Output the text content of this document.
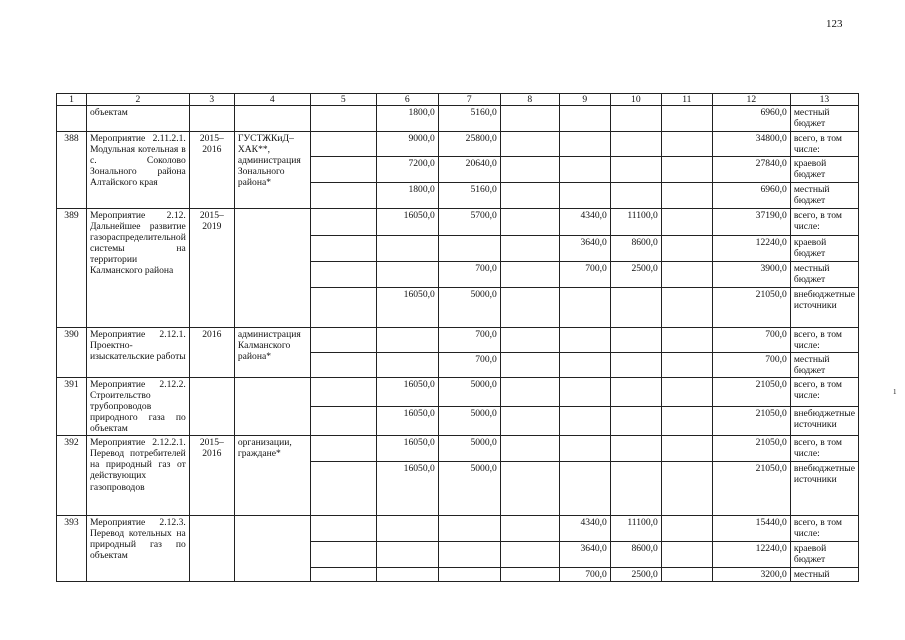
123
1
1	2	3	4	5	6	7	8	9	10	11	12	13
	объектам				1800,0	5160,0					6960,0	местный бюджет
388	Мероприятие 2.11.2.1. Модульная котельная в с. Соколово Зонального района Алтайского края	2015–2016	ГУСТЖКиД–ХАК**, администрация Зонального района*		9000,0	25800,0					34800,0	всего, в том числе:
					7200,0	20640,0					27840,0	краевой бюджет
					1800,0	5160,0					6960,0	местный бюджет
389	Мероприятие 2.12. Дальнейшее развитие газораспределительной системы на территории Калманского района	2015–2019			16050,0	5700,0		4340,0	11100,0		37190,0	всего, в том числе:
								3640,0	8600,0		12240,0	краевой бюджет
						700,0		700,0	2500,0		3900,0	местный бюджет
					16050,0	5000,0					21050,0	внебюджетные источники
390	Мероприятие 2.12.1. Проектно-изыскательские работы	2016	администрация Калманского района*			700,0					700,0	всего, в том числе:
						700,0					700,0	местный бюджет
391	Мероприятие 2.12.2. Строительство трубопроводов природного газа по объектам				16050,0	5000,0					21050,0	всего, в том числе:
					16050,0	5000,0					21050,0	внебюджетные источники
392	Мероприятие 2.12.2.1. Перевод потребителей на природный газ от действующих газопроводов	2015–2016	организации, граждане*		16050,0	5000,0					21050,0	всего, в том числе:
					16050,0	5000,0					21050,0	внебюджетные источники
393	Мероприятие 2.12.3. Перевод котельных на природный газ по объектам							4340,0	11100,0		15440,0	всего, в том числе:
								3640,0	8600,0		12240,0	краевой бюджет
								700,0	2500,0		3200,0	местный
